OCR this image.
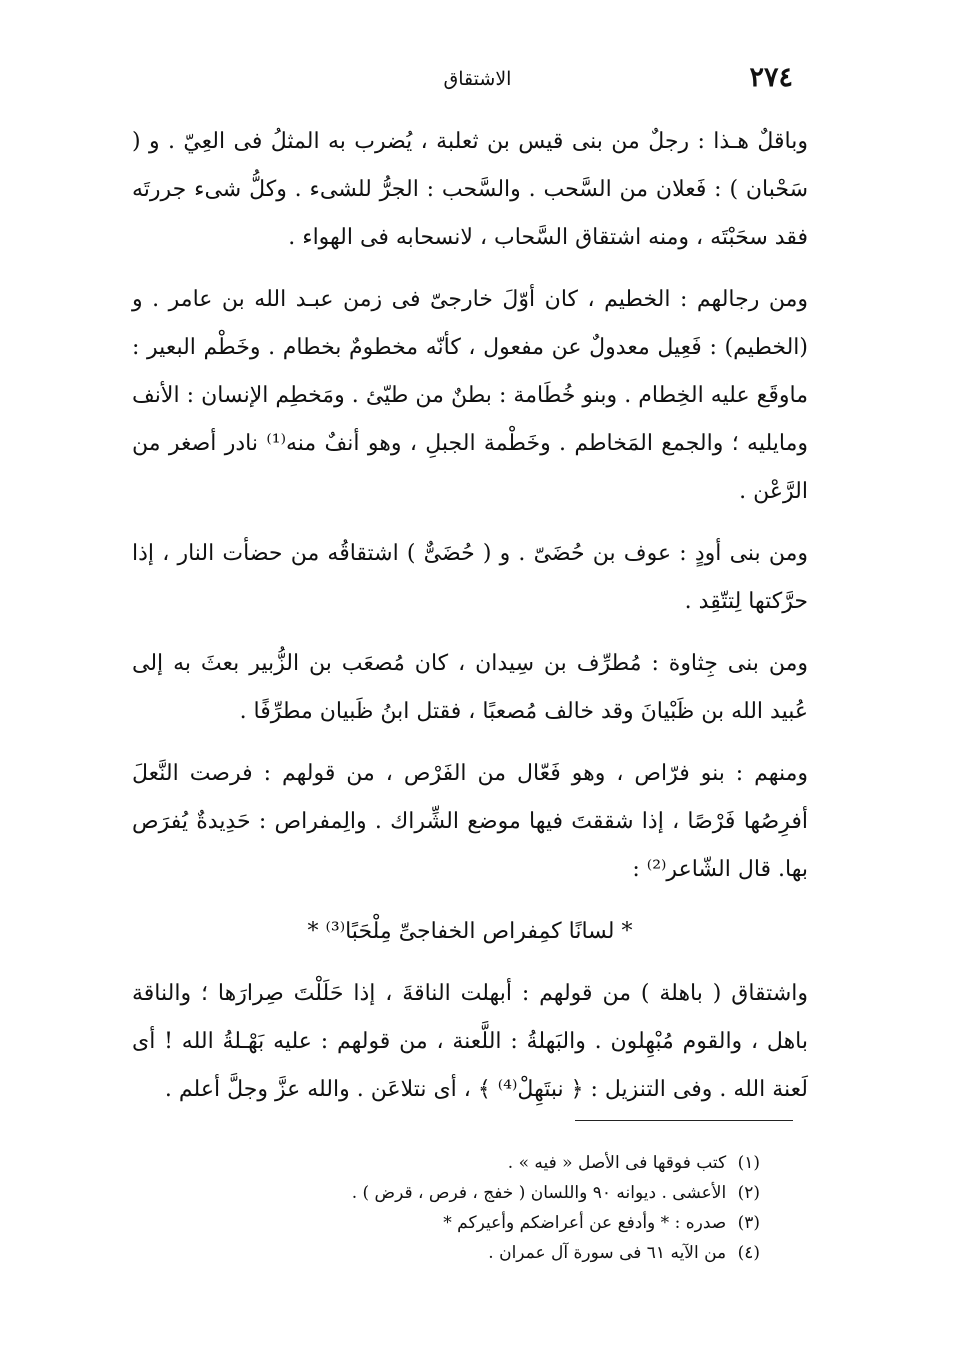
٢٧٤
الاشتقاق

وباقلٌ هـذا : رجلٌ من بنى قيس بن ثعلبة ، يُضرب به المثلُ فى العِيّ . و ( سَحْبان ) : فَعلان من السَّحب . والسَّحب : الجرُّ للشىء . وكلُّ شىء جررتَه فقد سحَبْتَه ، ومنه اشتقاق السَّحاب ، لانسحابه فى الهواء .

ومن رجالهم : الخطيم ، كان أوّلَ خارجىّ فى زمن عبـد الله بن عامر . و (الخطيم) : فَعِيل معدولٌ عن مفعول ، كأنّه مخطومٌ بخطام . وخَطْم البعير : ماوقَع عليه الخِطام . وبنو خُطَامة : بطنٌ من طيّئ . ومَخطِم الإنسان : الأنف ومايليه ؛ والجمع المَخاطم . وخَطْمة الجبلِ ، وهو أنفٌ منه⁽¹⁾ نادر أصغر من الرَّعْن .

ومن بنى أودٍ : عوف بن حُضَىّ . و ( حُضَىٌّ ) اشتقاقُه من حضأت النار ، إذا حرَّكتها لِتتّقِد .

ومن بنى جِثاوة : مُطرِّف بن سِيدان ، كان مُصعَب بن الزُّبير بعثَ به إلى عُبيد الله بن ظَبْيانَ وقد خالف مُصعبًا ، فقتل ابنُ ظَبيان مطرِّفًا .

ومنهم : بنو فرّاص ، وهو فَعّال من الفَرْص ، من قولهم : فرصت النَّعلَ أفرِصُها فَرْصًا ، إذا شققتَ فيها موضع الشِّراك . والِمفراص : حَدِيدةٌ يُفرَص بها. قال الشّاعر⁽²⁾ :

* لسانًا كمِفراص الخفاجىِّ مِلْحَبًا⁽³⁾ *

واشتقاق ( باهلة ) من قولهم : أبهلت الناقةَ ، إذا حَلَلْتَ صِرارَها ؛ والناقة باهل ، والقوم مُبْهِلون . والبَهلةُ : اللَّعنة ، من قولهم : عليه بَهْـلةُ الله ! أى لَعنة الله . وفى التنزيل : ﴿ نبتَهِلْ⁽⁴⁾ ﴾ ، أى نتلاعَن . والله عزَّ وجلَّ أعلم .

(١) كتب فوقها فى الأصل « فيه » .
(٢) الأعشى . ديوانه ٩٠ واللسان ( خفج ، فرص ، قرض ) .
(٣) صدره : * وأدفع عن أعراضكم وأعيركم *
(٤) من الآيه ٦١ فى سورة آل عمران .
